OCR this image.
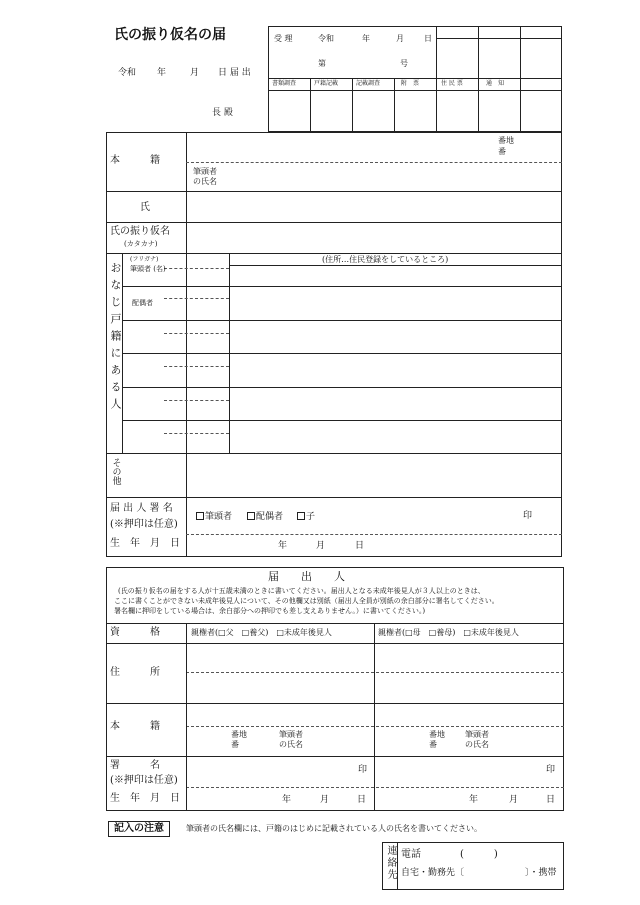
氏の振り仮名の届
令和 年	月 日 届 出
長 殿
受 理	令和	年	月	日
第	号
書類調査	戸籍記載	記載調査	附　票	住 民 票	通　知
本　　　籍
番地
番
筆頭者
の氏名
氏
氏の振り仮名
(カタカナ)
おなじ戸籍にある人
(フリガナ)
筆頭者 (名)
配偶者
(住所…住民登録をしているところ)
その他
届 出 人 署 名
(※押印は任意)
筆頭者	配偶者	子	印
生　年　月　日	年	月	日
届　　出　　人
(氏の振り仮名の届をする人が十五歳未満のときに書いてください。届出人となる未成年後見人が３人以上のときは、
ここに書くことができない未成年後見人について、その他欄又は別紙（届出人全員が別紙の余白部分に署名してください。
署名欄に押印をしている場合は、余白部分への押印でも差し支えありません。）に書いてください。)
資　　　格	親権者(□父　□養父)　□未成年後見人	親権者(□母　□養母)　□未成年後見人
住　　　所
本　　　籍
番地
番
筆頭者
の氏名
番地
番
筆頭者
の氏名
署　　　名
(※押印は任意)
印	印
生　年　月　日	年	月	日	年	月	日
記入の注意	筆頭者の氏名欄には、戸籍のはじめに記載されている人の氏名を書いてください。
連絡先 電話	(　　　)
自宅・勤務先〔	〕・携帯
